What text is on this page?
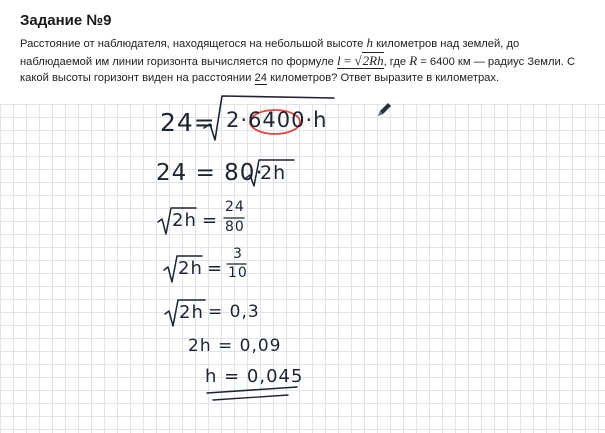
Задание №9
Расстояние от наблюдателя, находящегося на небольшой высоте h километров над землей, до наблюдаемой им линии горизонта вычисляется по формуле l = √2Rh, где R = 6400 км — радиус Земли. С какой высоты горизонт виден на расстоянии 24 километров? Ответ выразите в километрах.
24= 2·6400·h
24 = 80·
2h
2h =
24
80
2h =
3
10
2h = 0,3
2h = 0,09
h = 0,045
